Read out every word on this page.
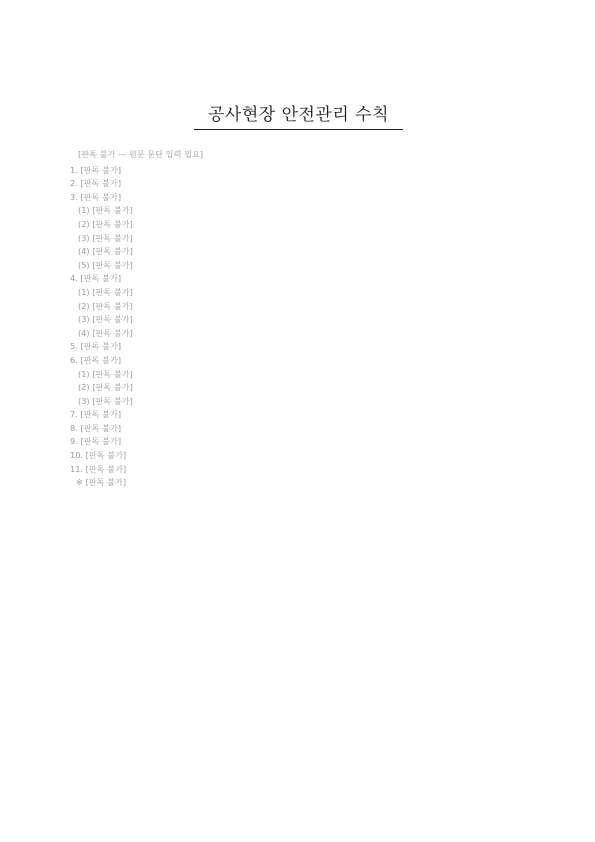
공사현장 안전관리 수칙

[판독 불가 — 원문 문단 입력 필요]

1. [판독 불가]

2. [판독 불가]

3. [판독 불가]

(1) [판독 불가]

(2) [판독 불가]

(3) [판독 불가]

(4) [판독 불가]

(5) [판독 불가]

4. [판독 불가]

(1) [판독 불가]

(2) [판독 불가]

(3) [판독 불가]

(4) [판독 불가]

5. [판독 불가]

6. [판독 불가]

(1) [판독 불가]

(2) [판독 불가]

(3) [판독 불가]

7. [판독 불가]

8. [판독 불가]

9. [판독 불가]

10. [판독 불가]

11. [판독 불가]

※ [판독 불가]
